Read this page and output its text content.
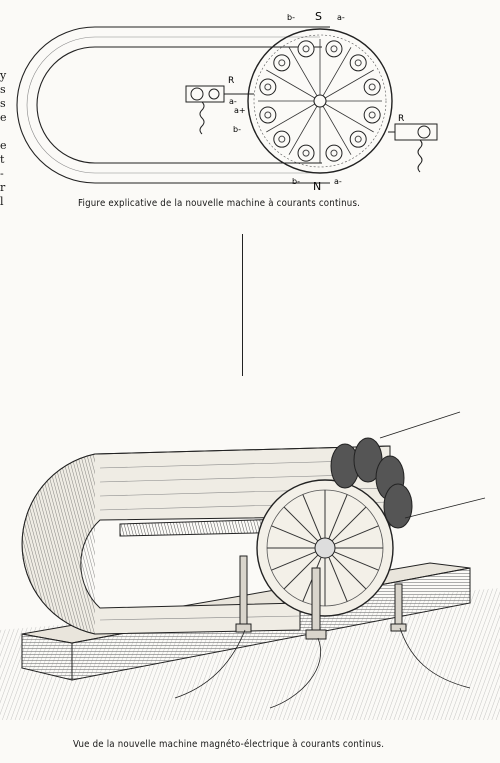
S
N
R
R
a-
b-
a+
b-	a-
b-	a-
Figure explicative de la nouvelle machine à courants continus.
y
s
s
e
e
t
-
r
l
Vue de la nouvelle machine magnéto-électrique à courants continus.
